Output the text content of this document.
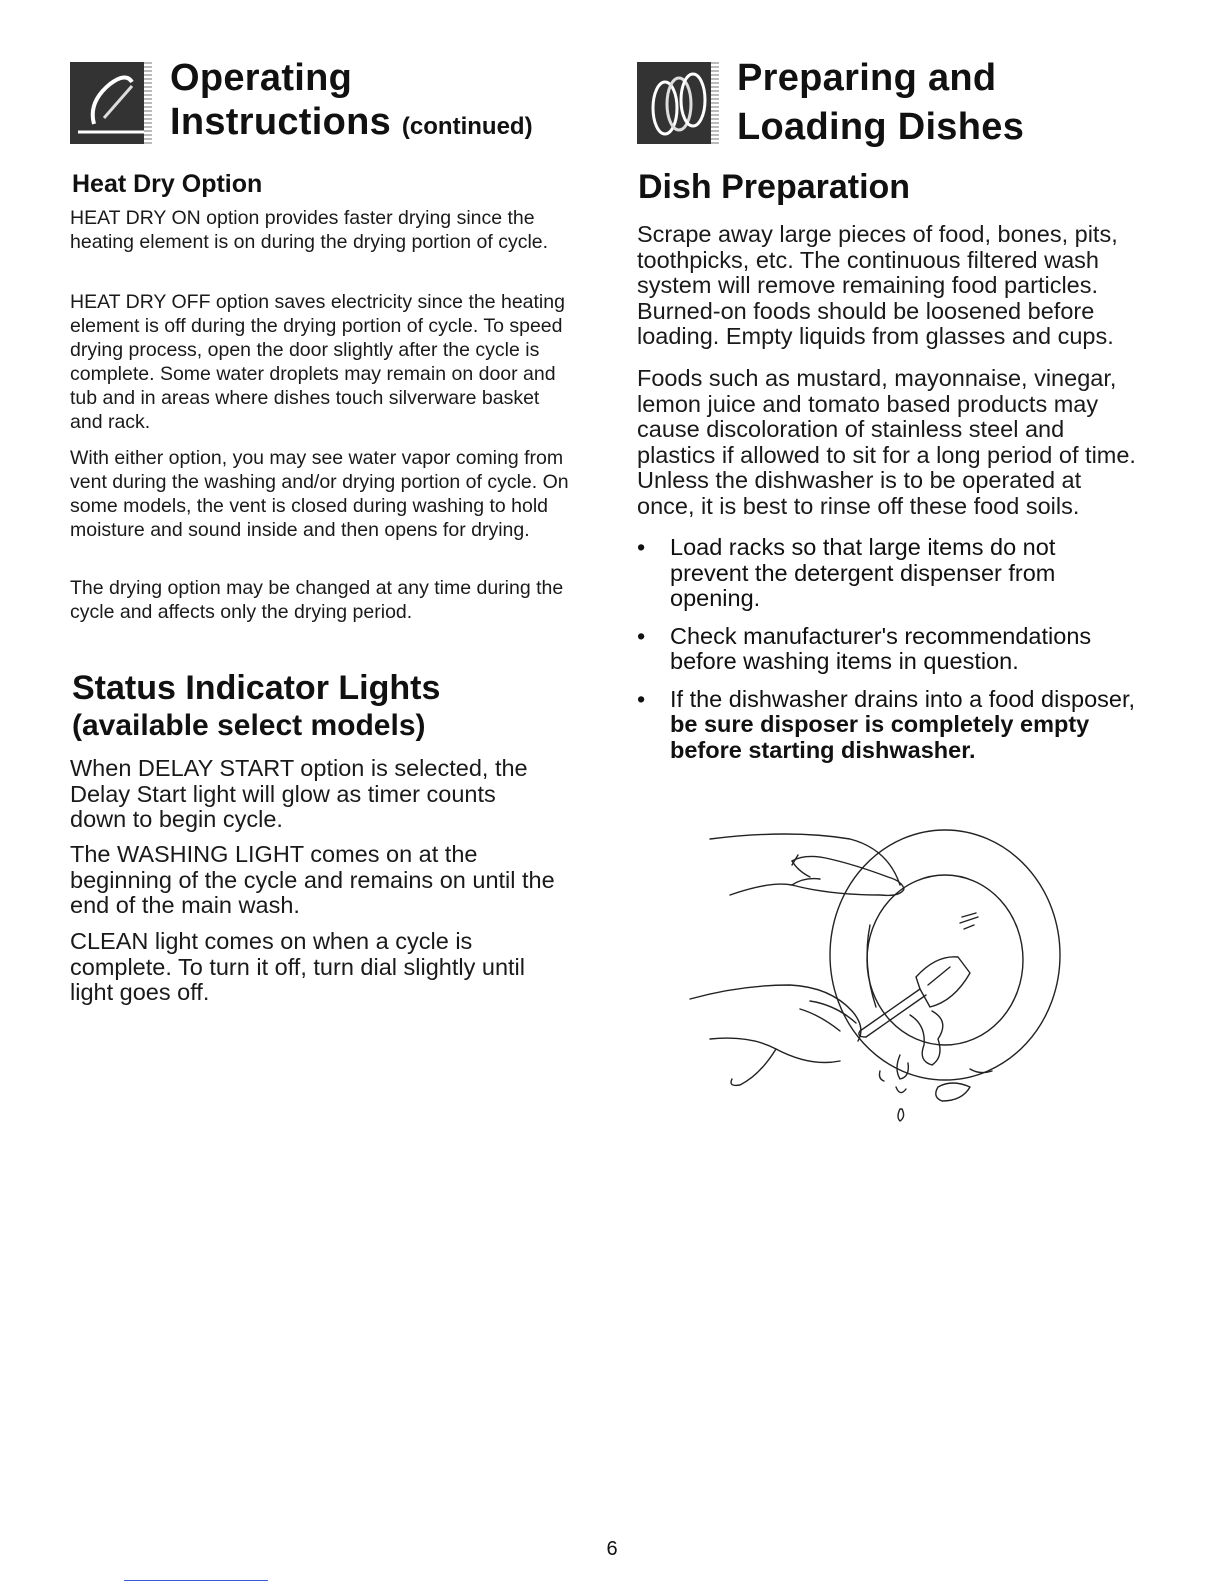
Operating
Instructions (continued)
Heat Dry Option

HEAT DRY ON option provides faster drying since the heating element is on during the drying portion of cycle.

HEAT DRY OFF option saves electricity since the heating element is off during the drying portion of cycle. To speed drying process, open the door slightly after the cycle is complete. Some water droplets may remain on door and tub and in areas where dishes touch silverware basket and rack.

With either option, you may see water vapor coming from vent during the washing and/or drying portion of cycle. On some models, the vent is closed during washing to hold moisture and sound inside and then opens for drying.

The drying option may be changed at any time during the cycle and affects only the drying period.

Status Indicator Lights
(available select models)

When DELAY START option is selected, the Delay Start light will glow as timer counts down to begin cycle.

The WASHING LIGHT comes on at the beginning of the cycle and remains on until the end of the main wash.

CLEAN light comes on when a cycle is complete. To turn it off, turn dial slightly until light goes off.

Preparing and
Loading Dishes
Dish Preparation

Scrape away large pieces of food, bones, pits, toothpicks, etc. The continuous filtered wash system will remove remaining food particles. Burned-on foods should be loosened before loading. Empty liquids from glasses and cups.

Foods such as mustard, mayonnaise, vinegar, lemon juice and tomato based products may cause discoloration of stainless steel and plastics if allowed to sit for a long period of time. Unless the dishwasher is to be operated at once, it is best to rinse off these food soils.

• Load racks so that large items do not prevent the detergent dispenser from opening.
• Check manufacturer's recommendations before washing items in question.
• If the dishwasher drains into a food disposer, be sure disposer is completely empty before starting dishwasher.
6
